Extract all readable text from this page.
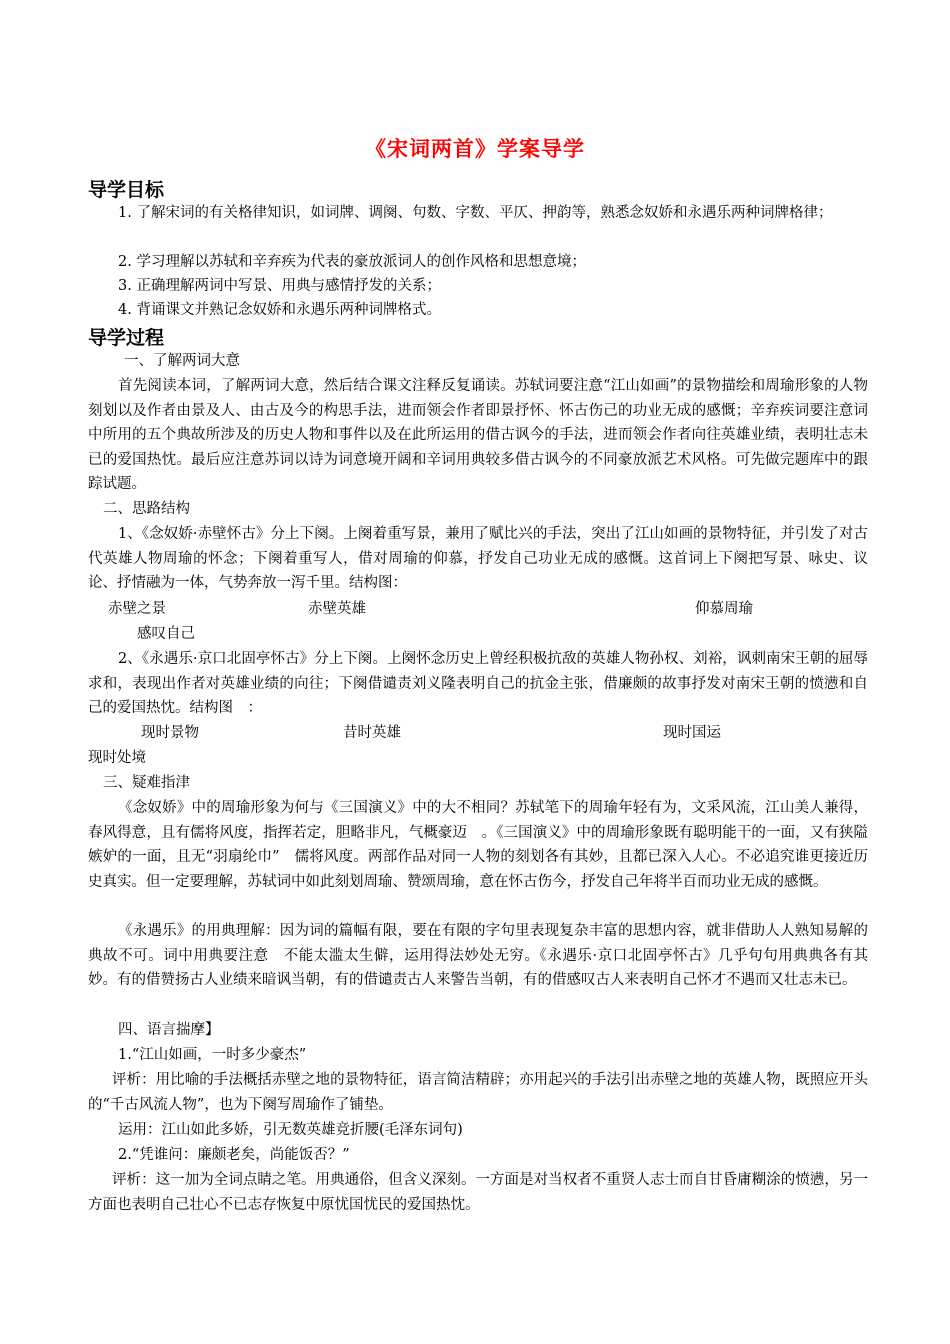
《宋词两首》学案导学
导学目标

1. 了解宋词的有关格律知识，如词牌、调阕、句数、字数、平仄、押韵等，熟悉念奴娇和永遇乐两种词牌格律；

2. 学习理解以苏轼和辛弃疾为代表的豪放派词人的创作风格和思想意境；

3. 正确理解两词中写景、用典与感情抒发的关系；

4. 背诵课文并熟记念奴娇和永遇乐两种词牌格式。

导学过程
一、了解两词大意

首先阅读本词，了解两词大意，然后结合课文注释反复诵读。苏轼词要注意“江山如画”的景物描绘和周瑜形象的人物刻划以及作者由景及人、由古及今的构思手法，进而领会作者即景抒怀、怀古伤己的功业无成的感慨；辛弃疾词要注意词中所用的五个典故所涉及的历史人物和事件以及在此所运用的借古讽今的手法，进而领会作者向往英雄业绩，表明壮志未已的爱国热忱。最后应注意苏词以诗为词意境开阔和辛词用典较多借古讽今的不同豪放派艺术风格。可先做完题库中的跟踪试题。

二、思路结构

1、《念奴娇·赤壁怀古》分上下阕。上阕着重写景，兼用了赋比兴的手法，突出了江山如画的景物特征，并引发了对古代英雄人物周瑜的怀念；下阕着重写人，借对周瑜的仰慕，抒发自己功业无成的感慨。这首词上下阕把写景、咏史、议论、抒情融为一体，气势奔放一泻千里。结构图：

赤壁之景	赤壁英雄	仰慕周瑜
感叹自己

2、《永遇乐·京口北固亭怀古》分上下阕。上阕怀念历史上曾经积极抗敌的英雄人物孙权、刘裕，讽刺南宋王朝的屈辱求和，表现出作者对英雄业绩的向往；下阕借谴责刘义隆表明自己的抗金主张，借廉颇的故事抒发对南宋王朝的愤懑和自己的爱国热忱。结构图　：

现时景物	昔时英雄	现时国运
现时处境
三、疑难指津

《念奴娇》中的周瑜形象为何与《三国演义》中的大不相同？苏轼笔下的周瑜年轻有为，文采风流，江山美人兼得，春风得意，且有儒将风度，指挥若定，胆略非凡，气概豪迈　。《三国演义》中的周瑜形象既有聪明能干的一面，又有狭隘嫉妒的一面，且无“羽扇纶巾”　儒将风度。两部作品对同一人物的刻划各有其妙，且都已深入人心。不必追究谁更接近历史真实。但一定要理解，苏轼词中如此刻划周瑜、赞颂周瑜，意在怀古伤今，抒发自己年将半百而功业无成的感慨。

《永遇乐》的用典理解：因为词的篇幅有限，要在有限的字句里表现复杂丰富的思想内容，就非借助人人熟知易解的典故不可。词中用典要注意　不能太滥太生僻，运用得法妙处无穷。《永遇乐·京口北固亭怀古》几乎句句用典典各有其妙。有的借赞扬古人业绩来暗讽当朝，有的借谴责古人来警告当朝，有的借感叹古人来表明自己怀才不遇而又壮志未已。

四、语言揣摩】
1.“江山如画，一时多少豪杰”

评析：用比喻的手法概括赤壁之地的景物特征，语言简洁精辟；亦用起兴的手法引出赤壁之地的英雄人物，既照应开头的“千古风流人物”，也为下阕写周瑜作了铺垫。

运用：江山如此多娇，引无数英雄竞折腰(毛泽东词句)
2.“凭谁问：廉颇老矣，尚能饭否？”

评析：这一加为全词点睛之笔。用典通俗，但含义深刻。一方面是对当权者不重贤人志士而自甘昏庸糊涂的愤懑，另一方面也表明自己壮心不已志存恢复中原忧国忧民的爱国热忱。
